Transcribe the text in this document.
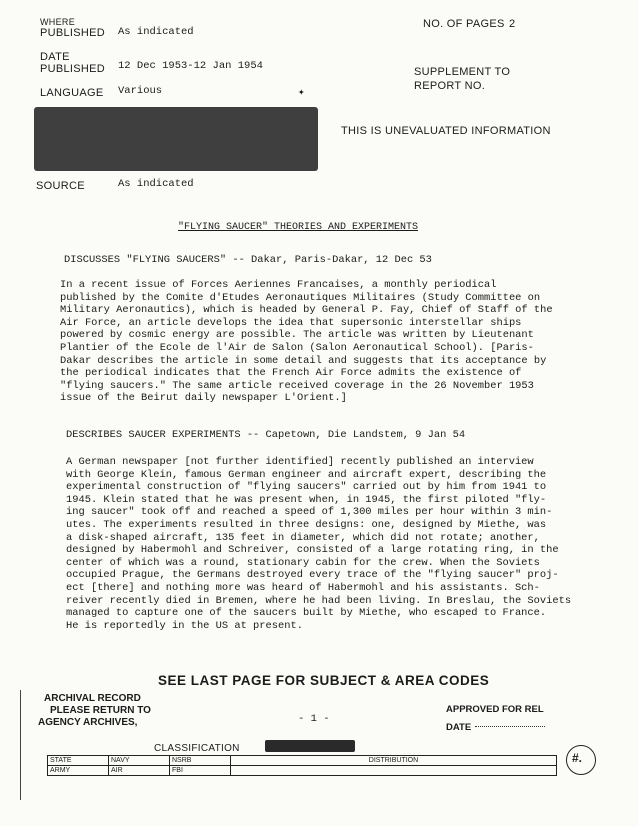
WHERE
PUBLISHED As indicated
DATE
PUBLISHED 12 Dec 1953-12 Jan 1954
LANGUAGE Various
NO. OF PAGES 2
SUPPLEMENT TO
REPORT NO.
✦
THIS IS UNEVALUATED INFORMATION
SOURCE	As indicated
"FLYING SAUCER" THEORIES AND EXPERIMENTS
DISCUSSES "FLYING SAUCERS" -- Dakar, Paris-Dakar, 12 Dec 53
In a recent issue of Forces Aeriennes Francaises, a monthly periodical
published by the Comite d'Etudes Aeronautiques Militaires (Study Committee on
Military Aeronautics), which is headed by General P. Fay, Chief of Staff of the
Air Force, an article develops the idea that supersonic interstellar ships
powered by cosmic energy are possible. The article was written by Lieutenant
Plantier of the Ecole de l'Air de Salon (Salon Aeronautical School). [Paris-
Dakar describes the article in some detail and suggests that its acceptance by
the periodical indicates that the French Air Force admits the existence of
"flying saucers." The same article received coverage in the 26 November 1953
issue of the Beirut daily newspaper L'Orient.]
DESCRIBES SAUCER EXPERIMENTS -- Capetown, Die Landstem, 9 Jan 54
A German newspaper [not further identified] recently published an interview
with George Klein, famous German engineer and aircraft expert, describing the
experimental construction of "flying saucers" carried out by him from 1941 to
1945. Klein stated that he was present when, in 1945, the first piloted "fly-
ing saucer" took off and reached a speed of 1,300 miles per hour within 3 min-
utes. The experiments resulted in three designs: one, designed by Miethe, was
a disk-shaped aircraft, 135 feet in diameter, which did not rotate; another,
designed by Habermohl and Schreiver, consisted of a large rotating ring, in the
center of which was a round, stationary cabin for the crew. When the Soviets
occupied Prague, the Germans destroyed every trace of the "flying saucer" proj-
ect [there] and nothing more was heard of Habermohl and his assistants. Sch-
reiver recently died in Bremen, where he had been living. In Breslau, the Soviets
managed to capture one of the saucers built by Miethe, who escaped to France.
He is reportedly in the US at present.
SEE LAST PAGE FOR SUBJECT & AREA CODES
ARCHIVAL RECORD
PLEASE RETURN TO
AGENCY ARCHIVES,	- 1 -
APPROVED FOR REL
DATE
CLASSIFICATION
STATE	NAVY	NSRB	DISTRIBUTION
ARMY	AIR	FBI	
#.
